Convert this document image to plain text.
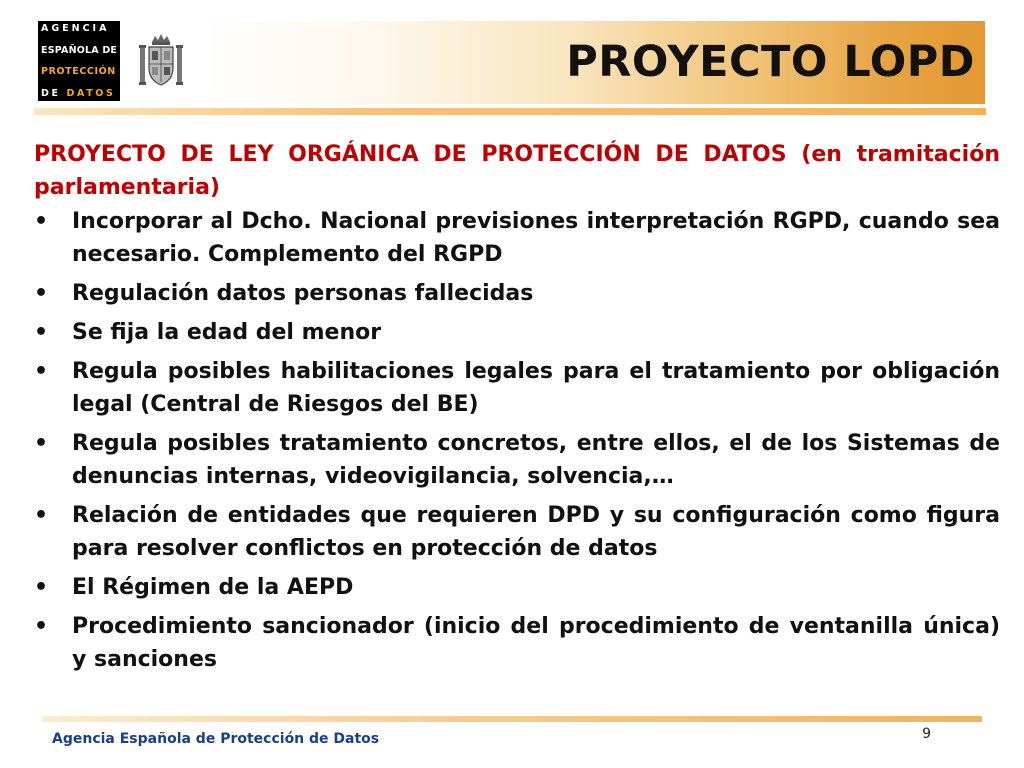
AGENCIA
ESPAÑOLA DE
PROTECCIÓN
DE DATOS
PROYECTO LOPD
PROYECTO DE LEY ORGÁNICA DE PROTECCIÓN DE DATOS (en tramitación parlamentaria)
•	Incorporar al Dcho. Nacional previsiones interpretación RGPD, cuando sea necesario. Complemento del RGPD
•	Regulación datos personas fallecidas
•	Se fija la edad del menor
•	Regula posibles habilitaciones legales para el tratamiento por obligación legal (Central de Riesgos del BE)
•	Regula posibles tratamiento concretos, entre ellos, el de los Sistemas de denuncias internas, videovigilancia, solvencia,…
•	Relación de entidades que requieren DPD y su configuración como figura para resolver conflictos en protección de datos
•	El Régimen de la AEPD
•	Procedimiento sancionador (inicio del procedimiento de ventanilla única) y sanciones
9
Agencia Española de Protección de Datos
